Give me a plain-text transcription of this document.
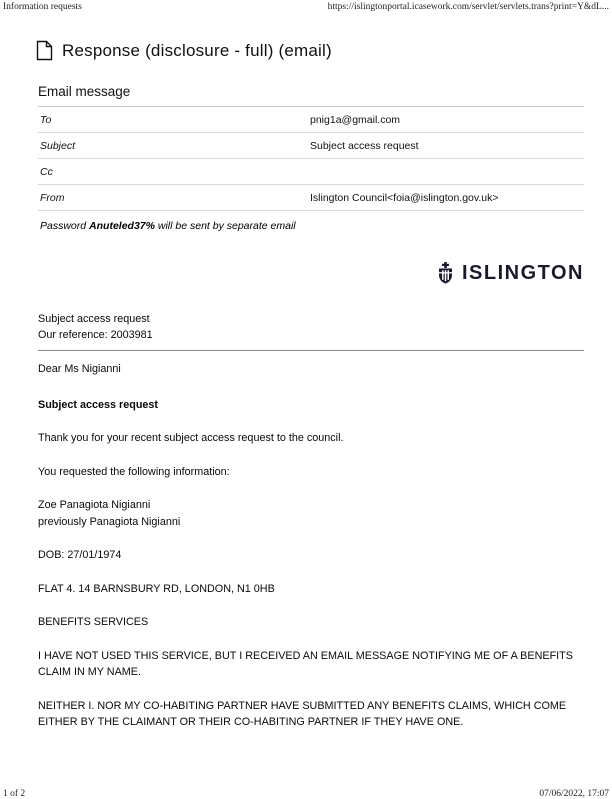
Information requests	https://islingtonportal.icasework.com/servlet/servlets.trans?print=Y&dL...
Response (disclosure - full) (email)
Email message
To	pnig1a@gmail.com
Subject	Subject access request
Cc
From	Islington Council<foia@islington.gov.uk>
Password Anuteled37% will be sent by separate email
ISLINGTON
Subject access request
Our reference: 2003981

Dear Ms Nigianni

Subject access request

Thank you for your recent subject access request to the council.

You requested the following information:

Zoe Panagiota Nigianni
previously Panagiota Nigianni

DOB: 27/01/1974

FLAT 4. 14 BARNSBURY RD, LONDON, N1 0HB

BENEFITS SERVICES

I HAVE NOT USED THIS SERVICE, BUT I RECEIVED AN EMAIL MESSAGE NOTIFYING ME OF A BENEFITS CLAIM IN MY NAME.

NEITHER I. NOR MY CO-HABITING PARTNER HAVE SUBMITTED ANY BENEFITS CLAIMS, WHICH COME EITHER BY THE CLAIMANT OR THEIR CO-HABITING PARTNER IF THEY HAVE ONE.

1 of 2	07/06/2022, 17:07
